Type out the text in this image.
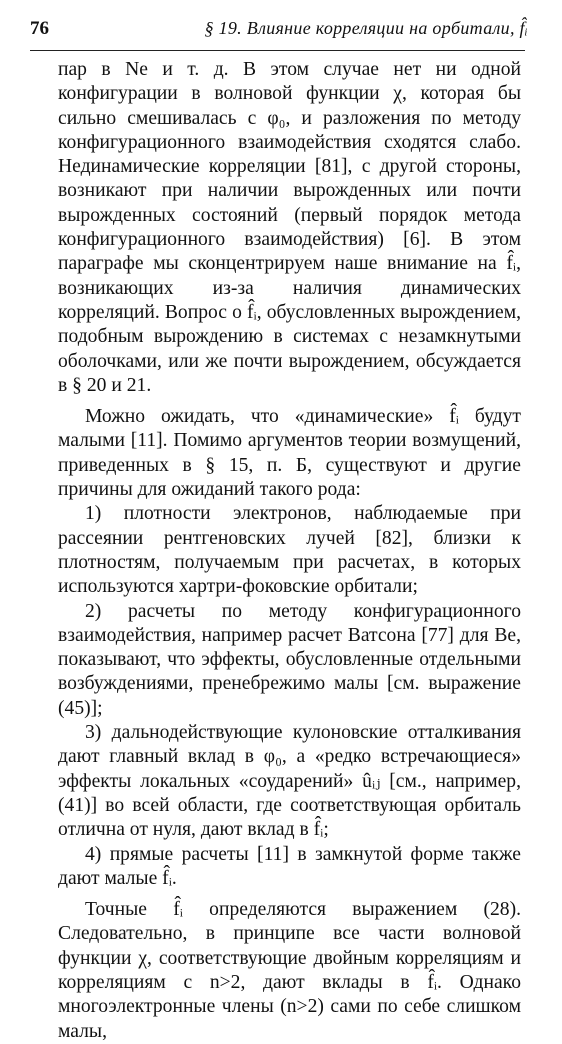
76	§ 19. Влияние корреляции на орбитали, f̂ᵢ

пар в Ne и т. д. В этом случае нет ни одной конфигурации в волновой функции χ, которая бы сильно смешивалась с φ₀, и разложения по методу конфигурационного взаимодействия сходятся слабо. Нединамические корреляции [81], с другой стороны, возникают при наличии вырожденных или почти вырожденных состояний (первый порядок метода конфигурационного взаимодействия) [6]. В этом параграфе мы сконцентрируем наше внимание на f̂ᵢ, возникающих из-за наличия динамических корреляций. Вопрос о f̂ᵢ, обусловленных вырождением, подобным вырождению в системах с незамкнутыми оболочками, или же почти вырождением, обсуждается в § 20 и 21.

Можно ожидать, что «динамические» f̂ᵢ будут малыми [11]. Помимо аргументов теории возмущений, приведенных в § 15, п. Б, существуют и другие причины для ожиданий такого рода:

1) плотности электронов, наблюдаемые при рассеянии рентгеновских лучей [82], близки к плотностям, получаемым при расчетах, в которых используются хартри-фоковские орбитали;

2) расчеты по методу конфигурационного взаимодействия, например расчет Ватсона [77] для Be, показывают, что эффекты, обусловленные отдельными возбуждениями, пренебрежимо малы [см. выражение (45)];

3) дальнодействующие кулоновские отталкивания дают главный вклад в φ₀, а «редко встречающиеся» эффекты локальных «соударений» ûᵢⱼ [см., например, (41)] во всей области, где соответствующая орбиталь отлична от нуля, дают вклад в f̂ᵢ;

4) прямые расчеты [11] в замкнутой форме также дают малые f̂ᵢ.

Точные f̂ᵢ определяются выражением (28). Следовательно, в принципе все части волновой функции χ, соответствующие двойным корреляциям и корреляциям с n>2, дают вклады в f̂ᵢ. Однако многоэлектронные члены (n>2) сами по себе слишком малы,
